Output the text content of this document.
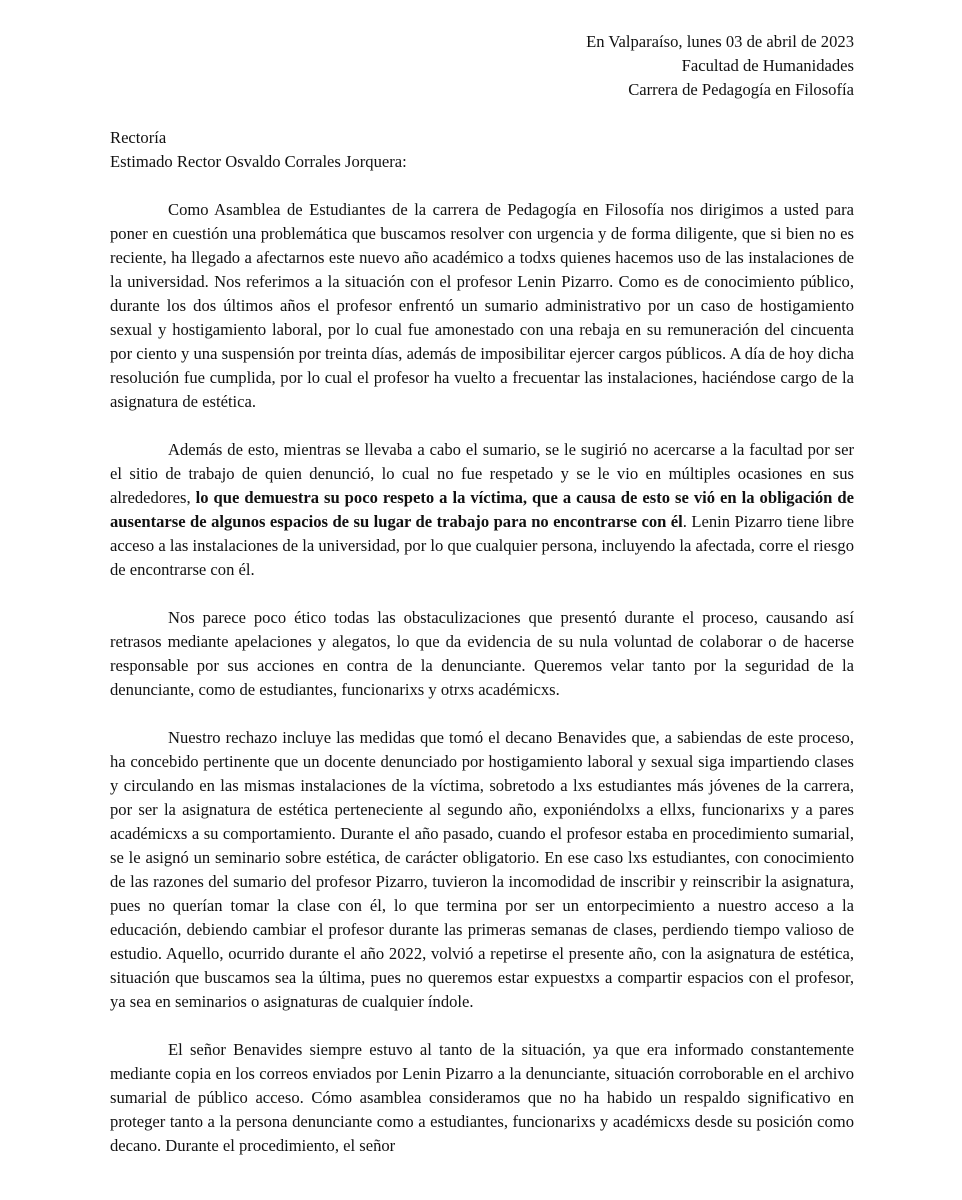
En Valparaíso, lunes 03 de abril de 2023
Facultad de Humanidades
Carrera de Pedagogía en Filosofía
Rectoría
Estimado Rector Osvaldo Corrales Jorquera:

Como Asamblea de Estudiantes de la carrera de Pedagogía en Filosofía nos dirigimos a usted para poner en cuestión una problemática que buscamos resolver con urgencia y de forma diligente, que si bien no es reciente, ha llegado a afectarnos este nuevo año académico a todxs quienes hacemos uso de las instalaciones de la universidad. Nos referimos a la situación con el profesor Lenin Pizarro. Como es de conocimiento público, durante los dos últimos años el profesor enfrentó un sumario administrativo por un caso de hostigamiento sexual y hostigamiento laboral, por lo cual fue amonestado con una rebaja en su remuneración del cincuenta por ciento y una suspensión por treinta días, además de imposibilitar ejercer cargos públicos. A día de hoy dicha resolución fue cumplida, por lo cual el profesor ha vuelto a frecuentar las instalaciones, haciéndose cargo de la asignatura de estética.

Además de esto, mientras se llevaba a cabo el sumario, se le sugirió no acercarse a la facultad por ser el sitio de trabajo de quien denunció, lo cual no fue respetado y se le vio en múltiples ocasiones en sus alrededores, lo que demuestra su poco respeto a la víctima, que a causa de esto se vió en la obligación de ausentarse de algunos espacios de su lugar de trabajo para no encontrarse con él. Lenin Pizarro tiene libre acceso a las instalaciones de la universidad, por lo que cualquier persona, incluyendo la afectada, corre el riesgo de encontrarse con él.

Nos parece poco ético todas las obstaculizaciones que presentó durante el proceso, causando así retrasos mediante apelaciones y alegatos, lo que da evidencia de su nula voluntad de colaborar o de hacerse responsable por sus acciones en contra de la denunciante. Queremos velar tanto por la seguridad de la denunciante, como de estudiantes, funcionarixs y otrxs académicxs.

Nuestro rechazo incluye las medidas que tomó el decano Benavides que, a sabiendas de este proceso, ha concebido pertinente que un docente denunciado por hostigamiento laboral y sexual siga impartiendo clases y circulando en las mismas instalaciones de la víctima, sobretodo a lxs estudiantes más jóvenes de la carrera, por ser la asignatura de estética perteneciente al segundo año, exponiéndolxs a ellxs, funcionarixs y a pares académicxs a su comportamiento. Durante el año pasado, cuando el profesor estaba en procedimiento sumarial, se le asignó un seminario sobre estética, de carácter obligatorio. En ese caso lxs estudiantes, con conocimiento de las razones del sumario del profesor Pizarro, tuvieron la incomodidad de inscribir y reinscribir la asignatura, pues no querían tomar la clase con él, lo que termina por ser un entorpecimiento a nuestro acceso a la educación, debiendo cambiar el profesor durante las primeras semanas de clases, perdiendo tiempo valioso de estudio. Aquello, ocurrido durante el año 2022, volvió a repetirse el presente año, con la asignatura de estética, situación que buscamos sea la última, pues no queremos estar expuestxs a compartir espacios con el profesor, ya sea en seminarios o asignaturas de cualquier índole.

El señor Benavides siempre estuvo al tanto de la situación, ya que era informado constantemente mediante copia en los correos enviados por Lenin Pizarro a la denunciante, situación corroborable en el archivo sumarial de público acceso. Cómo asamblea consideramos que no ha habido un respaldo significativo en proteger tanto a la persona denunciante como a estudiantes, funcionarixs y académicxs desde su posición como decano. Durante el procedimiento, el señor
